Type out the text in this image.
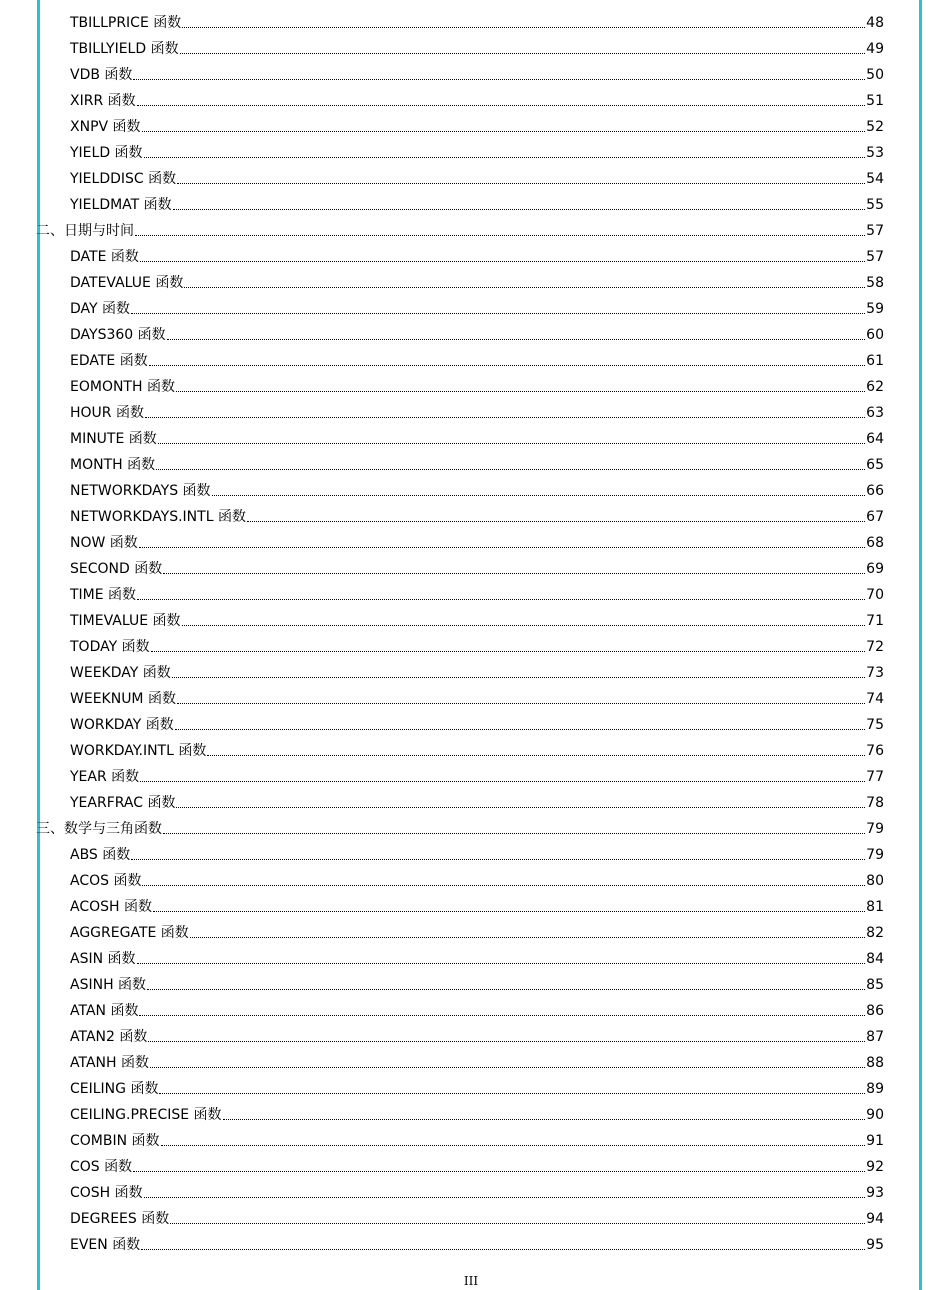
TBILLPRICE 函数	48
TBILLYIELD 函数	49
VDB 函数	50
XIRR 函数	51
XNPV 函数	52
YIELD 函数	53
YIELDDISC 函数	54
YIELDMAT 函数	55
二、日期与时间	57
DATE 函数	57
DATEVALUE 函数	58
DAY 函数	59
DAYS360 函数	60
EDATE 函数	61
EOMONTH 函数	62
HOUR 函数	63
MINUTE 函数	64
MONTH 函数	65
NETWORKDAYS 函数	66
NETWORKDAYS.INTL 函数	67
NOW 函数	68
SECOND 函数	69
TIME 函数	70
TIMEVALUE 函数	71
TODAY 函数	72
WEEKDAY 函数	73
WEEKNUM 函数	74
WORKDAY 函数	75
WORKDAY.INTL 函数	76
YEAR 函数	77
YEARFRAC 函数	78
三、数学与三角函数	79
ABS 函数	79
ACOS 函数	80
ACOSH 函数	81
AGGREGATE 函数	82
ASIN 函数	84
ASINH 函数	85
ATAN 函数	86
ATAN2 函数	87
ATANH 函数	88
CEILING 函数	89
CEILING.PRECISE 函数	90
COMBIN 函数	91
COS 函数	92
COSH 函数	93
DEGREES 函数	94
EVEN 函数	95
III
